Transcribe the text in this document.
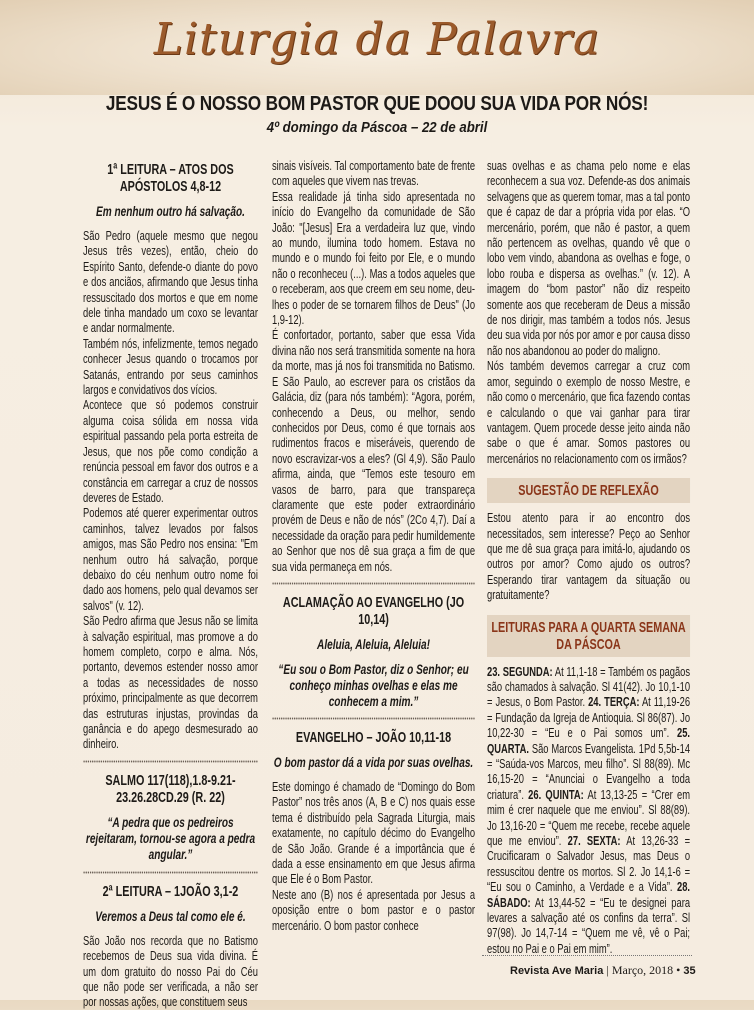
Liturgia da Palavra
JESUS É O NOSSO BOM PASTOR QUE DOOU SUA VIDA POR NÓS!
4º domingo da Páscoa – 22 de abril
1ª LEITURA – ATOS DOS APÓSTOLOS 4,8-12
Em nenhum outro há salvação.

São Pedro (aquele mesmo que negou Jesus três vezes), então, cheio do Espírito Santo, defende-o diante do povo e dos anciãos, afirmando que Jesus tinha ressuscitado dos mortos e que em nome dele tinha mandado um coxo se levantar e andar normalmente.

Também nós, infelizmente, temos negado conhecer Jesus quando o trocamos por Satanás, entrando por seus caminhos largos e convidativos dos vícios.

Acontece que só podemos construir alguma coisa sólida em nossa vida espiritual passando pela porta estreita de Jesus, que nos põe como condição a renúncia pessoal em favor dos outros e a constância em carregar a cruz de nossos deveres de Estado.

Podemos até querer experimentar outros caminhos, talvez levados por falsos amigos, mas São Pedro nos ensina: "Em nenhum outro há salvação, porque debaixo do céu nenhum outro nome foi dado aos homens, pelo qual devamos ser salvos" (v. 12).

São Pedro afirma que Jesus não se limita à salvação espiritual, mas promove a do homem completo, corpo e alma. Nós, portanto, devemos estender nosso amor a todas as necessidades de nosso próximo, principalmente as que decorrem das estruturas injustas, provindas da ganância e do apego desmesurado ao dinheiro.

SALMO 117(118),1.8-9.21-23.26.28CD.29 (R. 22)
“A pedra que os pedreiros rejeitaram, tornou-se agora a pedra angular.”
2ª LEITURA – 1JOÃO 3,1-2
Veremos a Deus tal como ele é.

São João nos recorda que no Batismo recebemos de Deus sua vida divina. É um dom gratuito do nosso Pai do Céu que não pode ser verificada, a não ser por nossas ações, que constituem seus

sinais visíveis. Tal comportamento bate de frente com aqueles que vivem nas trevas.

Essa realidade já tinha sido apresentada no início do Evangelho da comunidade de São João: "[Jesus] Era a verdadeira luz que, vindo ao mundo, ilumina todo homem. Estava no mundo e o mundo foi feito por Ele, e o mundo não o reconheceu (...). Mas a todos aqueles que o receberam, aos que creem em seu nome, deu-lhes o poder de se tornarem filhos de Deus" (Jo 1,9-12).

É confortador, portanto, saber que essa Vida divina não nos será transmitida somente na hora da morte, mas já nos foi transmitida no Batismo. E São Paulo, ao escrever para os cristãos da Galácia, diz (para nós também): “Agora, porém, conhecendo a Deus, ou melhor, sendo conhecidos por Deus, como é que tornais aos rudimentos fracos e miseráveis, querendo de novo escravizar-vos a eles? (Gl 4,9). São Paulo afirma, ainda, que “Temos este tesouro em vasos de barro, para que transpareça claramente que este poder extraordinário provém de Deus e não de nós” (2Co 4,7). Daí a necessidade da oração para pedir humildemente ao Senhor que nos dê sua graça a fim de que sua vida permaneça em nós.

ACLAMAÇÃO AO EVANGELHO (JO 10,14)
Aleluia, Aleluia, Aleluia!
“Eu sou o Bom Pastor, diz o Senhor; eu conheço minhas ovelhas e elas me conhecem a mim.”
EVANGELHO – JOÃO 10,11-18
O bom pastor dá a vida por suas ovelhas.

Este domingo é chamado de “Domingo do Bom Pastor” nos três anos (A, B e C) nos quais esse tema é distribuído pela Sagrada Liturgia, mais exatamente, no capítulo décimo do Evangelho de São João. Grande é a importância que é dada a esse ensinamento em que Jesus afirma que Ele é o Bom Pastor.

Neste ano (B) nos é apresentada por Jesus a oposição entre o bom pastor e o pastor mercenário. O bom pastor conhece

suas ovelhas e as chama pelo nome e elas reconhecem a sua voz. Defende-as dos animais selvagens que as querem tomar, mas a tal ponto que é capaz de dar a própria vida por elas. “O mercenário, porém, que não é pastor, a quem não pertencem as ovelhas, quando vê que o lobo vem vindo, abandona as ovelhas e foge, o lobo rouba e dispersa as ovelhas.” (v. 12). A imagem do “bom pastor” não diz respeito somente aos que receberam de Deus a missão de nos dirigir, mas também a todos nós. Jesus deu sua vida por nós por amor e por causa disso não nos abandonou ao poder do maligno.

Nós também devemos carregar a cruz com amor, seguindo o exemplo de nosso Mestre, e não como o mercenário, que fica fazendo contas e calculando o que vai ganhar para tirar vantagem. Quem procede desse jeito ainda não sabe o que é amar. Somos pastores ou mercenários no relacionamento com os irmãos?

SUGESTÃO DE REFLEXÃO

Estou atento para ir ao encontro dos necessitados, sem interesse? Peço ao Senhor que me dê sua graça para imitá-lo, ajudando os outros por amor? Como ajudo os outros? Esperando tirar vantagem da situação ou gratuitamente?

LEITURAS PARA A QUARTA SEMANA DA PÁSCOA

23. SEGUNDA: At 11,1-18 = Também os pagãos são chamados à salvação. Sl 41(42). Jo 10,1-10 = Jesus, o Bom Pastor. 24. TERÇA: At 11,19-26 = Fundação da Igreja de Antioquia. Sl 86(87). Jo 10,22-30 = “Eu e o Pai somos um”. 25. QUARTA. São Marcos Evangelista. 1Pd 5,5b-14 = “Saúda-vos Marcos, meu filho”. Sl 88(89). Mc 16,15-20 = “Anunciai o Evangelho a toda criatura”. 26. QUINTA: At 13,13-25 = “Crer em mim é crer naquele que me enviou”. Sl 88(89). Jo 13,16-20 = “Quem me recebe, recebe aquele que me enviou”. 27. SEXTA: At 13,26-33 = Crucificaram o Salvador Jesus, mas Deus o ressuscitou dentre os mortos. Sl 2. Jo 14,1-6 = “Eu sou o Caminho, a Verdade e a Vida”. 28. SÁBADO: At 13,44-52 = “Eu te designei para levares a salvação até os confins da terra”. Sl 97(98). Jo 14,7-14 = “Quem me vê, vê o Pai; estou no Pai e o Pai em mim”.

Revista Ave Maria | Março, 2018 • 35
